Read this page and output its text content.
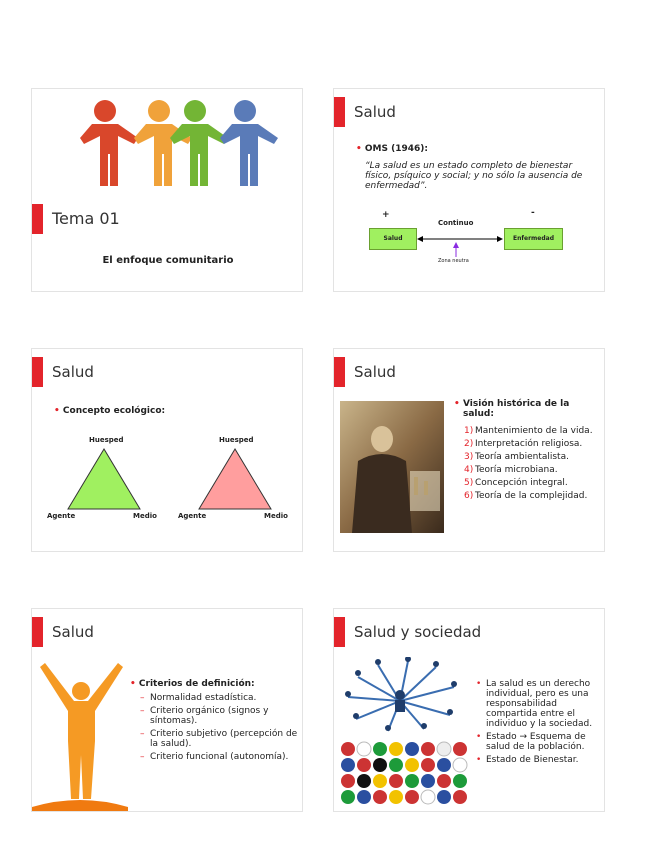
Tema 01
El enfoque comunitario
Salud
• OMS (1946):
“La salud es un estado completo de bienestar físico, psíquico y social; y no sólo la ausencia de enfermedad”.
+	-
Continuo
Salud	Enfermedad
Zona neutra
Salud
• Concepto ecológico:
Huesped
Agente	Medio
Huesped
Agente	Medio
Salud
• Visión histórica de la salud:
1) Mantenimiento de la vida.
2) Interpretación religiosa.
3) Teoría ambientalista.
4) Teoría microbiana.
5) Concepción integral.
6) Teoría de la complejidad.
Salud
• Criterios de definición:
– Normalidad estadística.
– Criterio orgánico (signos y síntomas).
– Criterio subjetivo (percepción de la salud).
– Criterio funcional (autonomía).
Salud y sociedad
• La salud es un derecho individual, pero es una responsabilidad compartida entre el individuo y la sociedad.
• Estado → Esquema de salud de la población.
• Estado de Bienestar.
